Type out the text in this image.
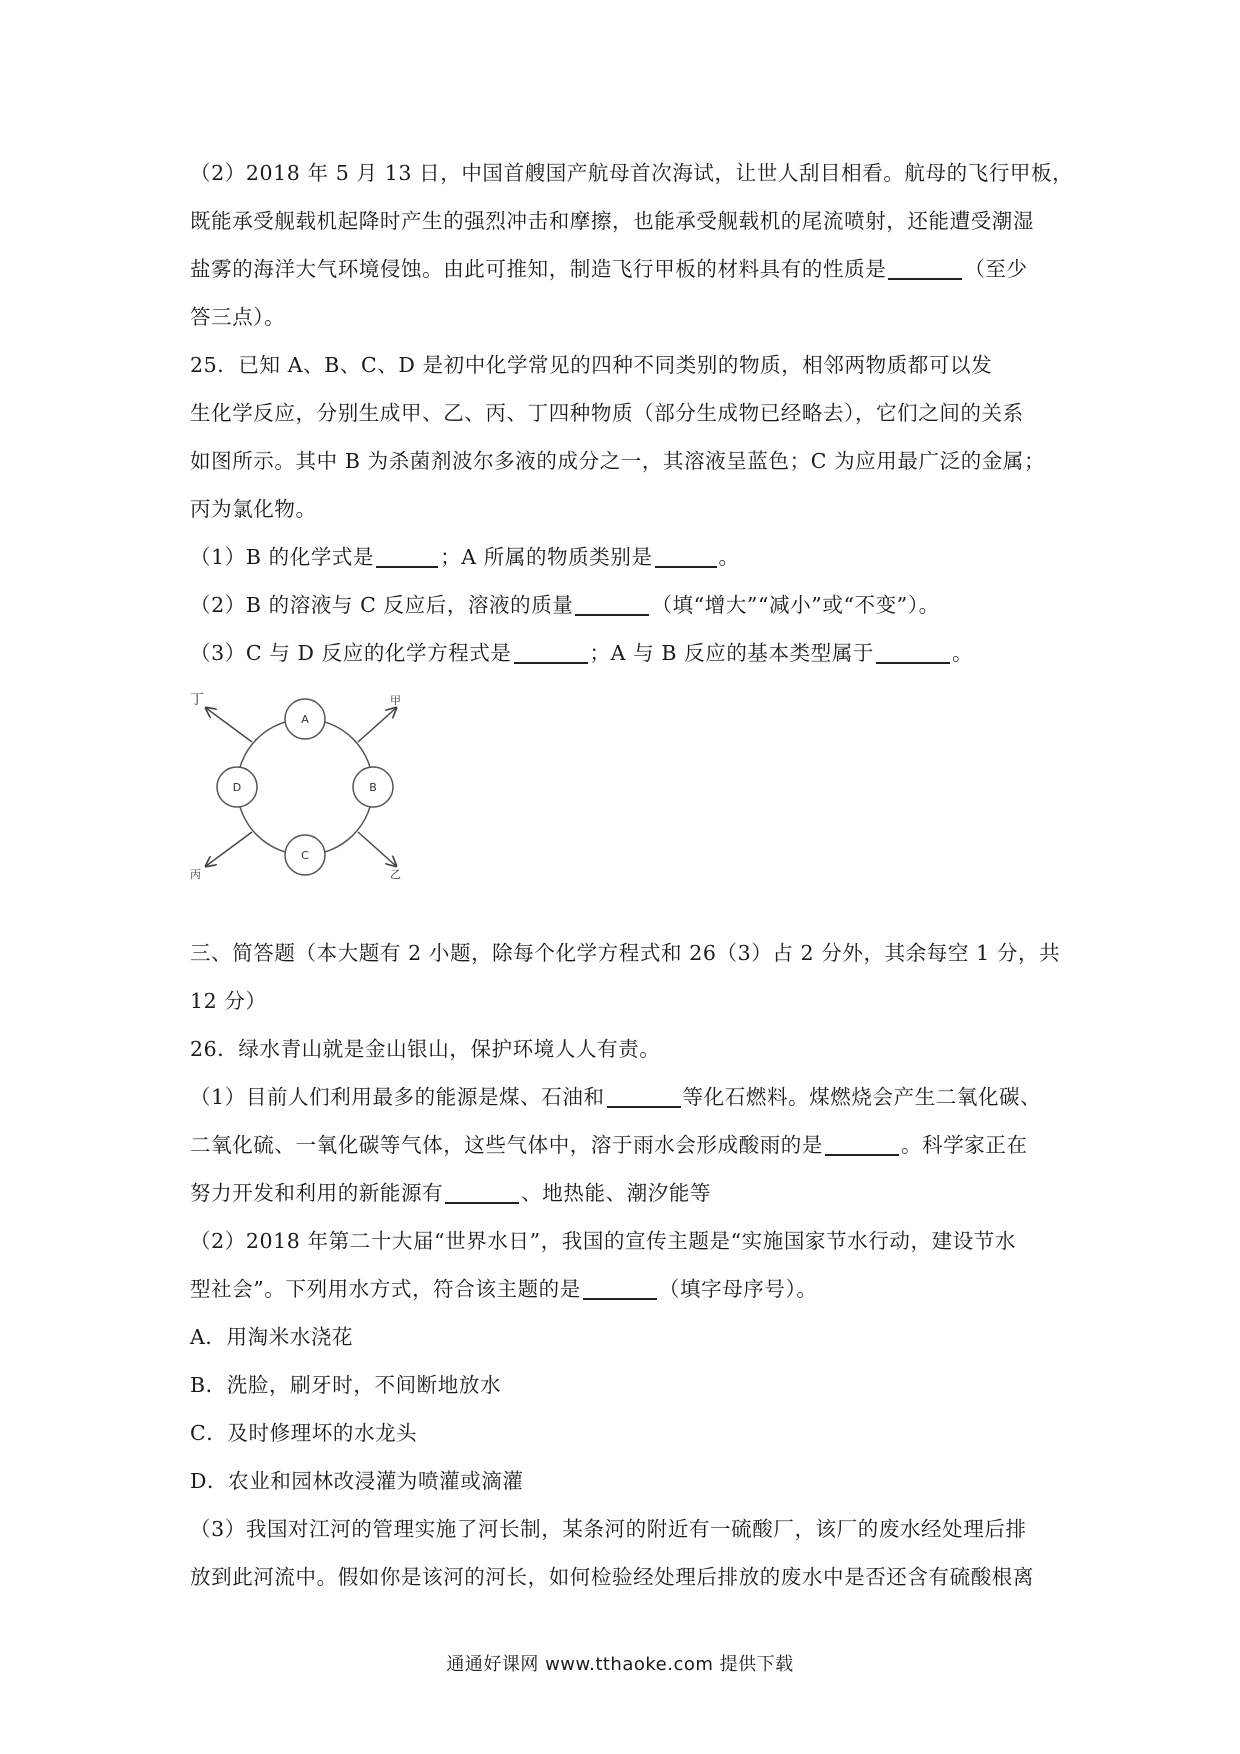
（2）2018 年 5 月 13 日，中国首艘国产航母首次海试，让世人刮目相看。航母的飞行甲板，
既能承受舰载机起降时产生的强烈冲击和摩擦，也能承受舰载机的尾流喷射，还能遭受潮湿
盐雾的海洋大气环境侵蚀。由此可推知，制造飞行甲板的材料具有的性质是	（至少
答三点）。
25．已知 A、B、C、D 是初中化学常见的四种不同类别的物质，相邻两物质都可以发
生化学反应，分别生成甲、乙、丙、丁四种物质（部分生成物已经略去），它们之间的关系
如图所示。其中 B 为杀菌剂波尔多液的成分之一，其溶液呈蓝色；C 为应用最广泛的金属；
丙为氯化物。
（1）B 的化学式是	；A 所属的物质类别是	。
（2）B 的溶液与 C 反应后，溶液的质量	（填“增大”“减小”或“不变”）。
（3）C 与 D 反应的化学方程式是	；A 与 B 反应的基本类型属于	。
A
B
C
D
甲
乙
丙
丁
三、简答题（本大题有 2 小题，除每个化学方程式和 26（3）占 2 分外，其余每空 1 分，共
12 分）
26．绿水青山就是金山银山，保护环境人人有责。
（1）目前人们利用最多的能源是煤、石油和	等化石燃料。煤燃烧会产生二氧化碳、
二氧化硫、一氧化碳等气体，这些气体中，溶于雨水会形成酸雨的是	。科学家正在
努力开发和利用的新能源有	、地热能、潮汐能等
（2）2018 年第二十大届“世界水日”，我国的宣传主题是“实施国家节水行动，建设节水
型社会”。下列用水方式，符合该主题的是	（填字母序号）。
A．用淘米水浇花
B．洗脸，刷牙时，不间断地放水
C．及时修理坏的水龙头
D．农业和园林改浸灌为喷灌或滴灌
（3）我国对江河的管理实施了河长制，某条河的附近有一硫酸厂，该厂的废水经处理后排
放到此河流中。假如你是该河的河长，如何检验经处理后排放的废水中是否还含有硫酸根离
通通好课网 www.tthaoke.com 提供下载
